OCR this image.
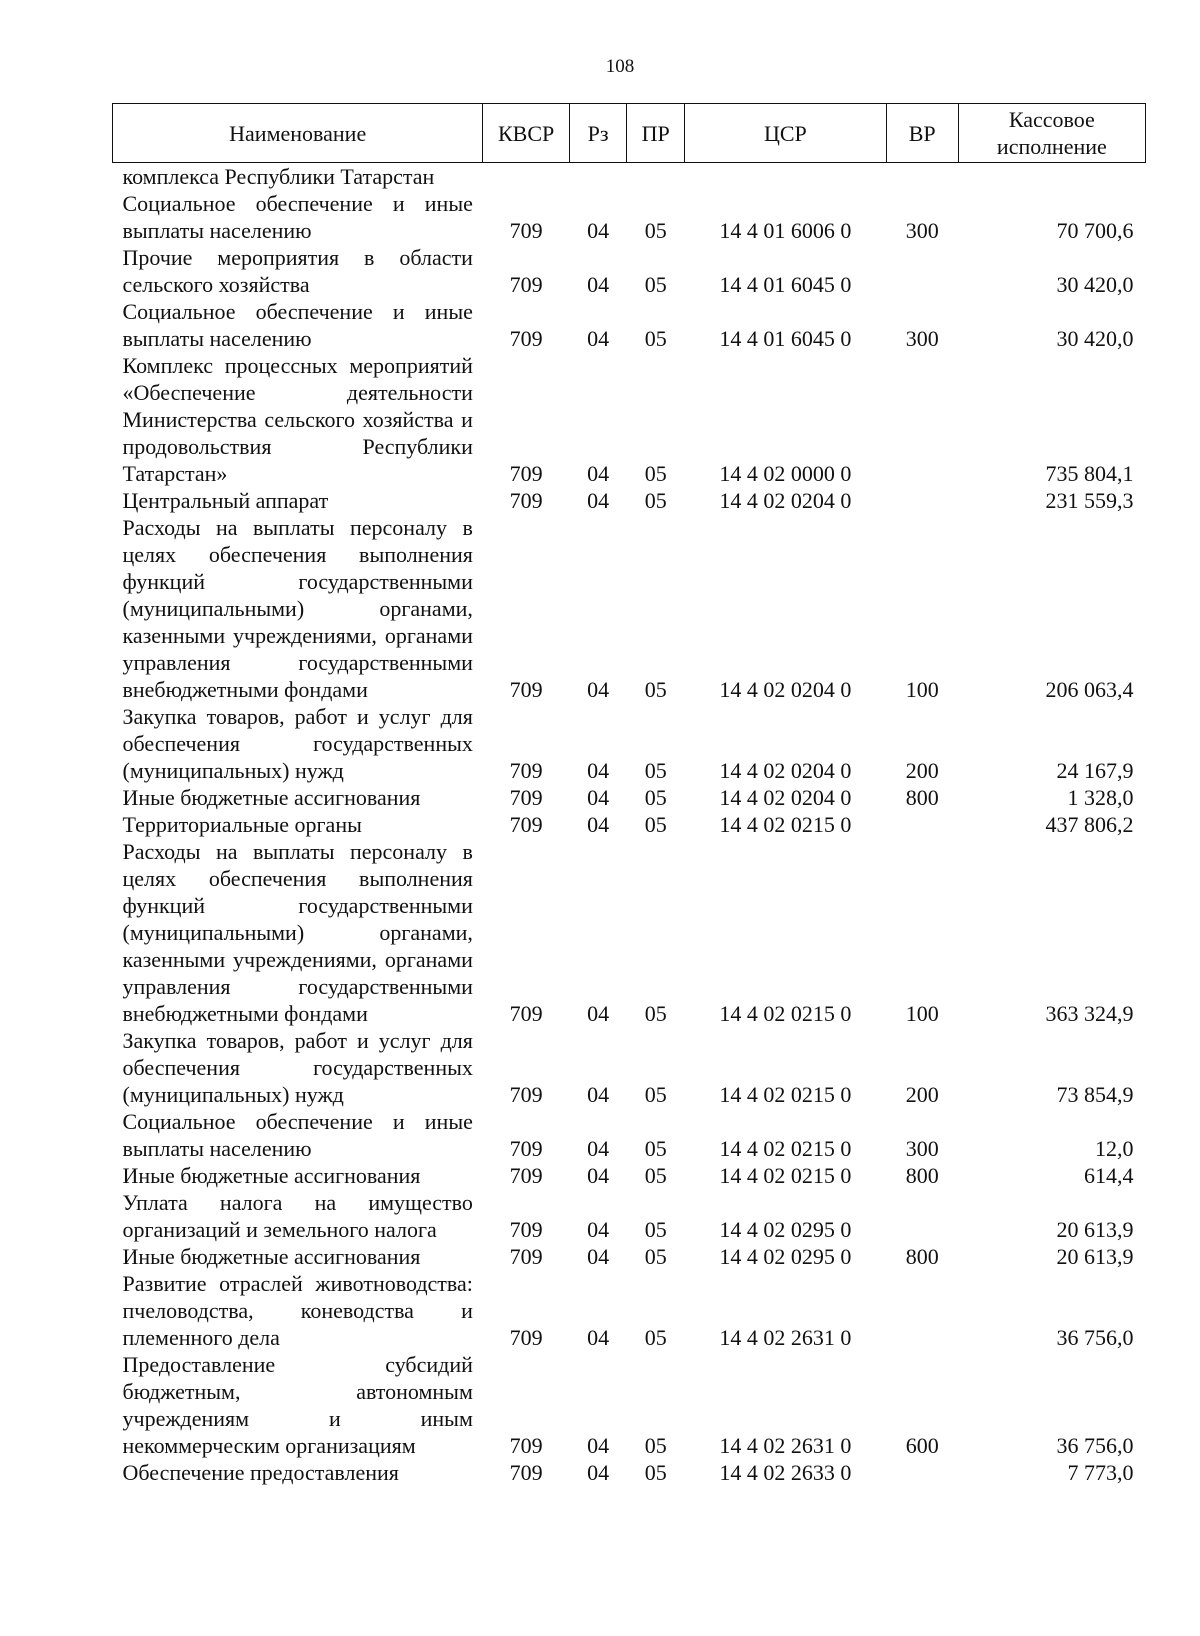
108
Наименование	КВСР	Рз	ПР	ЦСР	ВР	Кассовое исполнение
комплекса Республики Татарстан						
Социальное обеспечение и иные выплаты населению	709	04	05	14 4 01 6006 0	300	70 700,6
Прочие мероприятия в области сельского хозяйства	709	04	05	14 4 01 6045 0		30 420,0
Социальное обеспечение и иные выплаты населению	709	04	05	14 4 01 6045 0	300	30 420,0
Комплекс процессных мероприятий «Обеспечение деятельности Министерства сельского хозяйства и продовольствия Республики Татарстан»	709	04	05	14 4 02 0000 0		735 804,1
Центральный аппарат	709	04	05	14 4 02 0204 0		231 559,3
Расходы на выплаты персоналу в целях обеспечения выполнения функций государственными (муниципальными) органами, казенными учреждениями, органами управления государственными внебюджетными фондами	709	04	05	14 4 02 0204 0	100	206 063,4
Закупка товаров, работ и услуг для обеспечения государственных (муниципальных) нужд	709	04	05	14 4 02 0204 0	200	24 167,9
Иные бюджетные ассигнования	709	04	05	14 4 02 0204 0	800	1 328,0
Территориальные органы	709	04	05	14 4 02 0215 0		437 806,2
Расходы на выплаты персоналу в целях обеспечения выполнения функций государственными (муниципальными) органами, казенными учреждениями, органами управления государственными внебюджетными фондами	709	04	05	14 4 02 0215 0	100	363 324,9
Закупка товаров, работ и услуг для обеспечения государственных (муниципальных) нужд	709	04	05	14 4 02 0215 0	200	73 854,9
Социальное обеспечение и иные выплаты населению	709	04	05	14 4 02 0215 0	300	12,0
Иные бюджетные ассигнования	709	04	05	14 4 02 0215 0	800	614,4
Уплата налога на имущество организаций и земельного налога	709	04	05	14 4 02 0295 0		20 613,9
Иные бюджетные ассигнования	709	04	05	14 4 02 0295 0	800	20 613,9
Развитие отраслей животноводства: пчеловодства, коневодства и племенного дела	709	04	05	14 4 02 2631 0		36 756,0
Предоставление субсидий бюджетным, автономным учреждениям и иным некоммерческим организациям	709	04	05	14 4 02 2631 0	600	36 756,0
Обеспечение предоставления	709	04	05	14 4 02 2633 0		7 773,0
